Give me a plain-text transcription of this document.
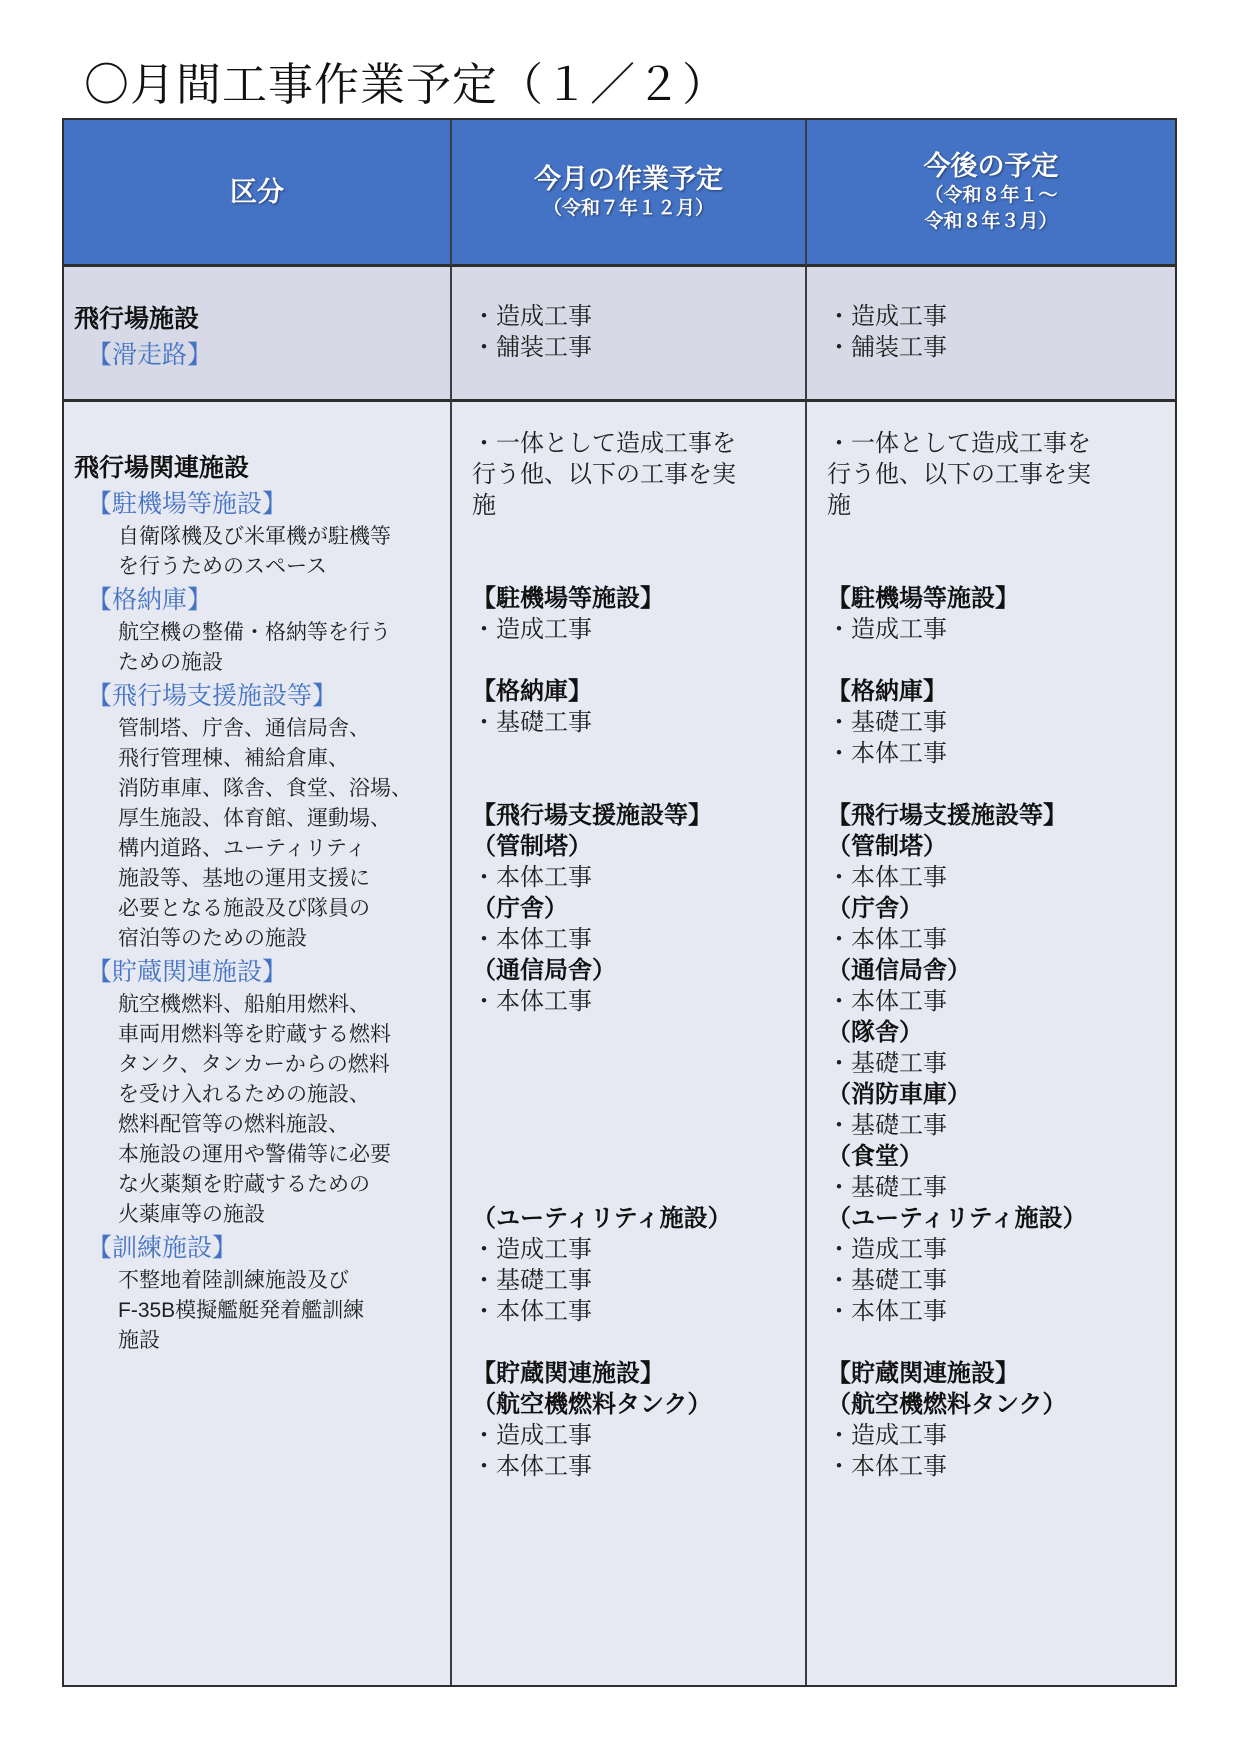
〇月間工事作業予定（１／２）
区分	今月の作業予定
（令和７年１２月）
今後の予定
（令和８年１～
令和８年３月）
飛行場施設
【滑走路】
・造成工事
・舗装工事
・造成工事
・舗装工事
飛行場関連施設
【駐機場等施設】
自衛隊機及び米軍機が駐機等
を行うためのスペース
【格納庫】
航空機の整備・格納等を行う
ための施設
【飛行場支援施設等】
管制塔、庁舎、通信局舎、
飛行管理棟、補給倉庫、
消防車庫、隊舎、食堂、浴場、
厚生施設、体育館、運動場、
構内道路、ユーティリティ
施設等、基地の運用支援に
必要となる施設及び隊員の
宿泊等のための施設
【貯蔵関連施設】
航空機燃料、船舶用燃料、
車両用燃料等を貯蔵する燃料
タンク、タンカーからの燃料
を受け入れるための施設、
燃料配管等の燃料施設、
本施設の運用や警備等に必要
な火薬類を貯蔵するための
火薬庫等の施設
【訓練施設】
不整地着陸訓練施設及び
F-35B模擬艦艇発着艦訓練
施設
・一体として造成工事を
行う他、以下の工事を実
施

【駐機場等施設】
・造成工事

【格納庫】
・基礎工事

【飛行場支援施設等】
（管制塔）
・本体工事
（庁舎）
・本体工事
（通信局舎）
・本体工事

（ユーティリティ施設）
・造成工事
・基礎工事
・本体工事

【貯蔵関連施設】
（航空機燃料タンク）
・造成工事
・本体工事
・一体として造成工事を
行う他、以下の工事を実
施

【駐機場等施設】
・造成工事

【格納庫】
・基礎工事
・本体工事

【飛行場支援施設等】
（管制塔）
・本体工事
（庁舎）
・本体工事
（通信局舎）
・本体工事
（隊舎）
・基礎工事
（消防車庫）
・基礎工事
（食堂）
・基礎工事
（ユーティリティ施設）
・造成工事
・基礎工事
・本体工事

【貯蔵関連施設】
（航空機燃料タンク）
・造成工事
・本体工事
